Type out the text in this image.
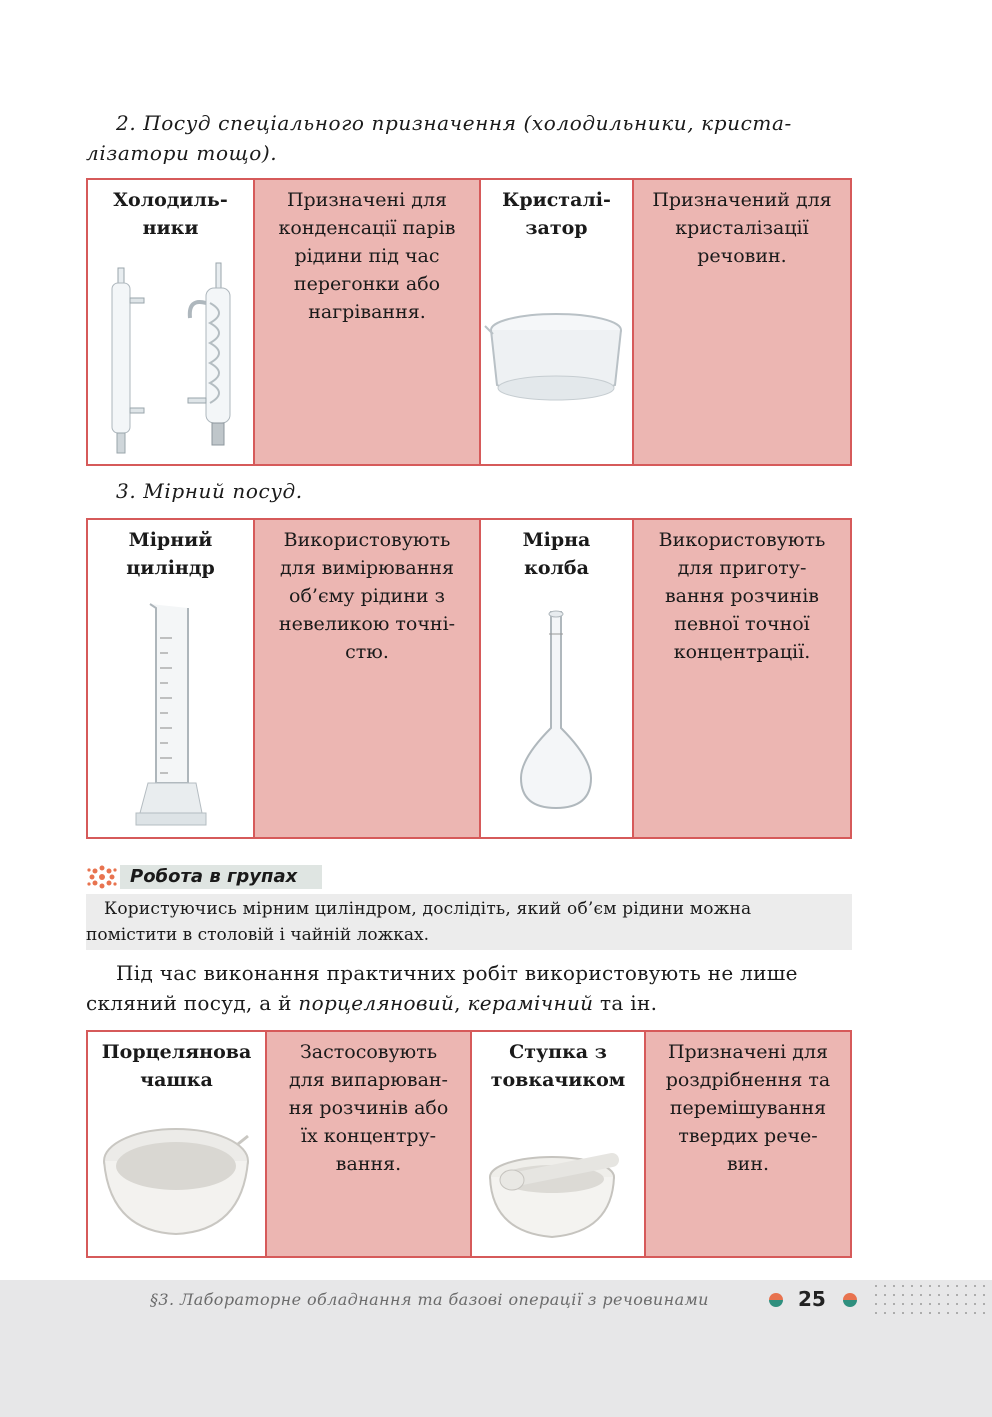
2. Посуд спеціального призначення (холодильники, криста-
лізатори тощо).
Холодиль-
ники
Призначені для
конденсації парів
рідини під час
перегонки або
нагрівання.
Кристалі-
затор
Призначений для
кристалізації
речовин.
3. Мірний посуд.
Мірний
циліндр
Використовують
для вимірювання
об’єму рідини з
невеликою точні-
стю.
Мірна
колба
Використовують
для приготу-
вання розчинів
певної точної
концентрації.
Робота в групах
Користуючись мірним циліндром, дослідіть, який об’єм рідини можна
помістити в столовій і чайній ложках.
Під час виконання практичних робіт використовують не лише
скляний посуд, а й порцеляновий, керамічний та ін.
Порцелянова
чашка
Застосовують
для випарюван-
ня розчинів або
їх концентру-
вання.
Ступка з
товкачиком
Призначені для
роздрібнення та
перемішування
твердих рече-
вин.
§3. Лабораторне обладнання та базові операції з речовинами	25
